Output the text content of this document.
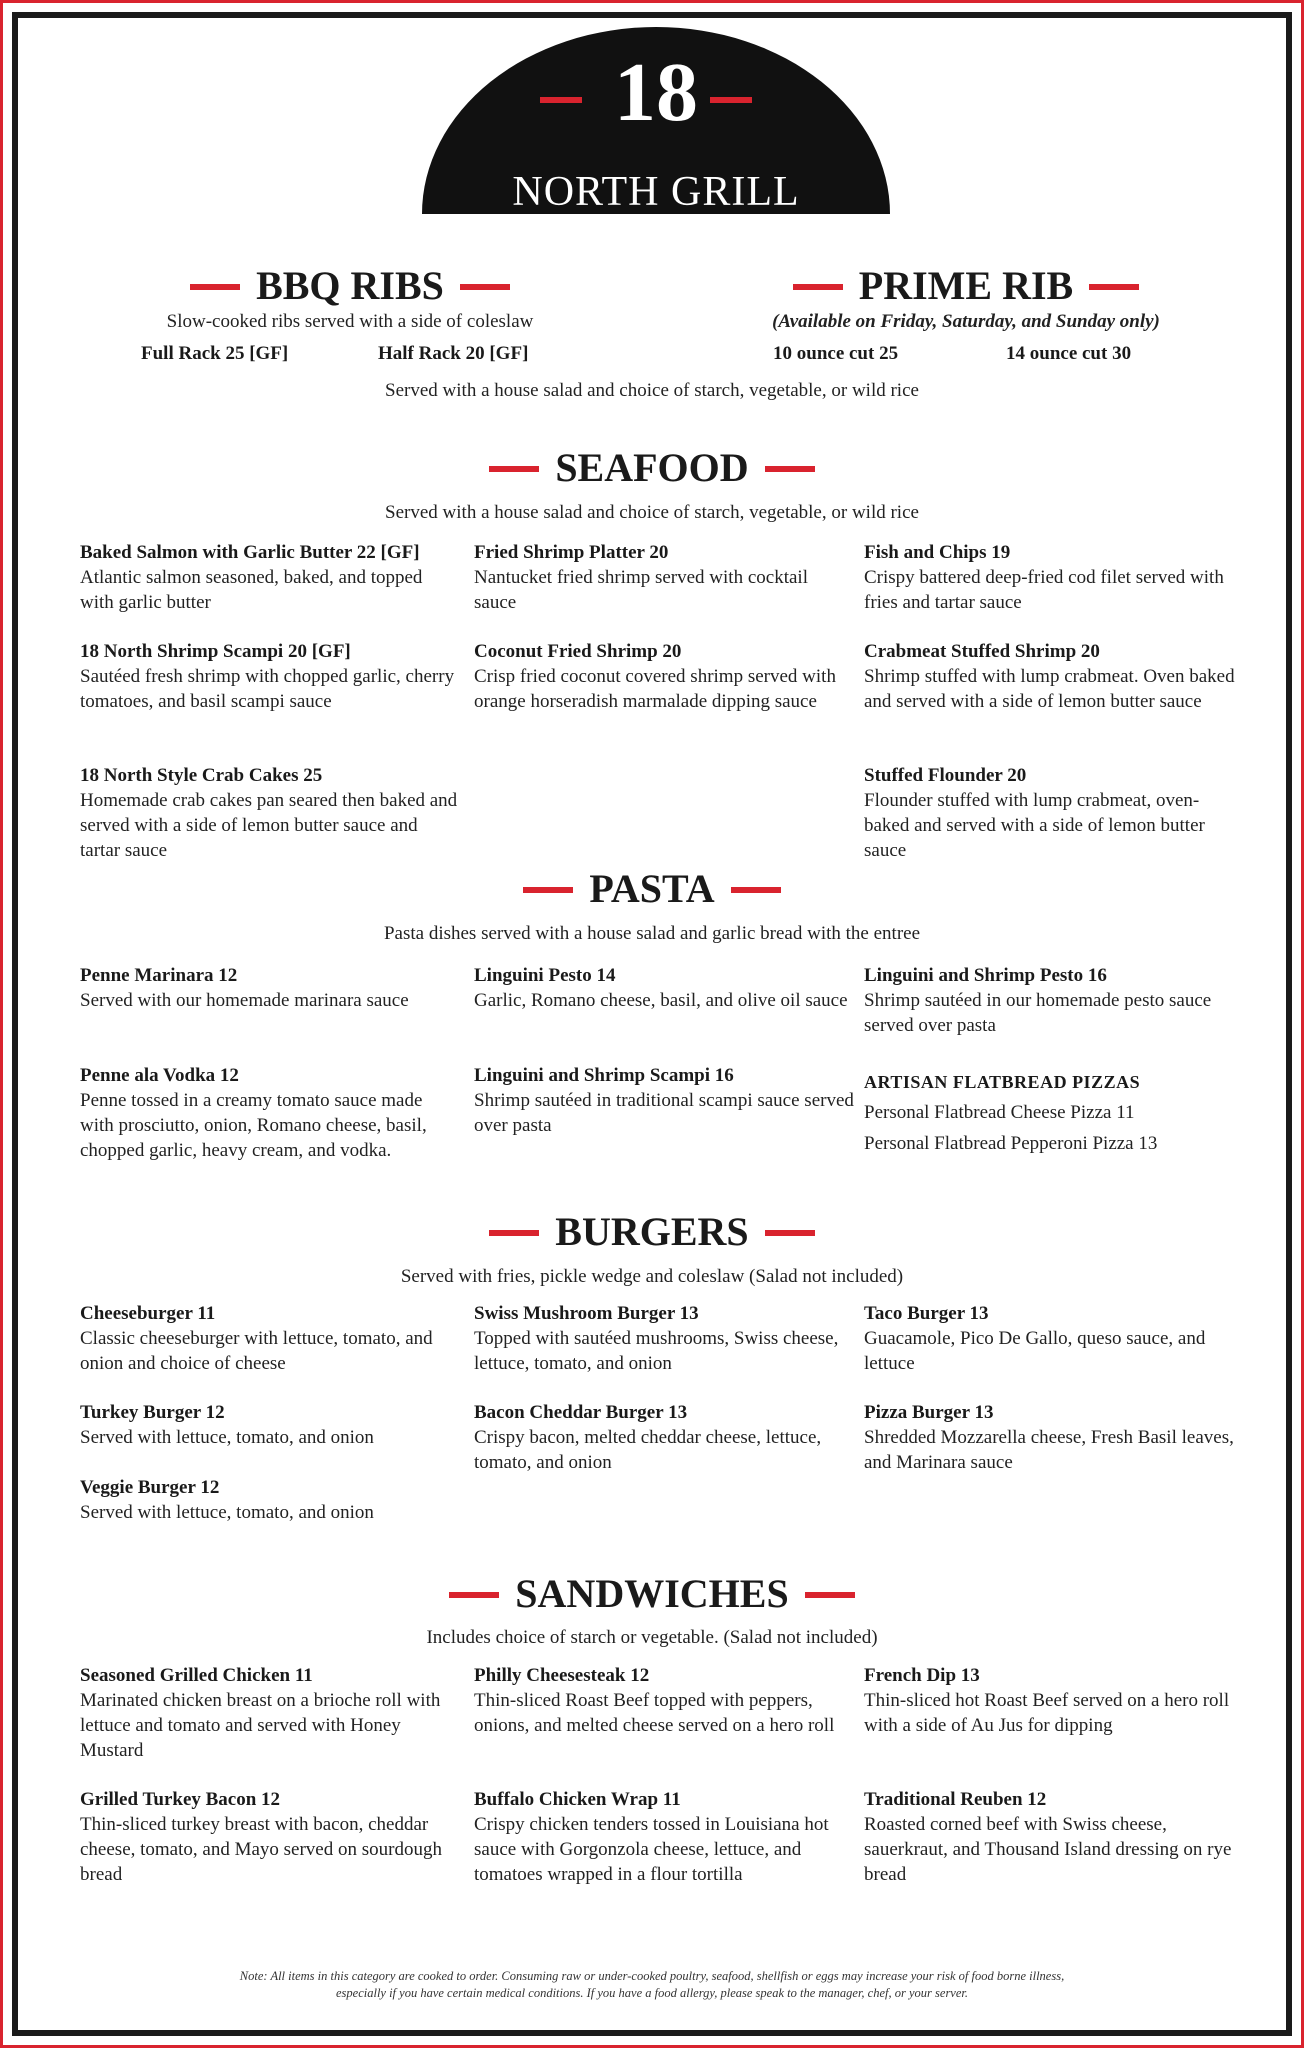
18
NORTH GRILL
BBQ RIBS
Slow-cooked ribs served with a side of coleslaw
Full Rack 25 [GF]	Half Rack 20 [GF]
PRIME RIB
(Available on Friday, Saturday, and Sunday only)
10 ounce cut 25	14 ounce cut 30
Served with a house salad and choice of starch, vegetable, or wild rice
SEAFOOD
Served with a house salad and choice of starch, vegetable, or wild rice
Baked Salmon with Garlic Butter 22 [GF]
Atlantic salmon seasoned, baked, and topped with garlic butter
Fried Shrimp Platter 20
Nantucket fried shrimp served with cocktail sauce
Fish and Chips 19
Crispy battered deep-fried cod filet served with fries and tartar sauce
18 North Shrimp Scampi 20 [GF]
Sautéed fresh shrimp with chopped garlic, cherry tomatoes, and basil scampi sauce
Coconut Fried Shrimp 20
Crisp fried coconut covered shrimp served with orange horseradish marmalade dipping sauce
Crabmeat Stuffed Shrimp 20
Shrimp stuffed with lump crabmeat. Oven baked and served with a side of lemon butter sauce
18 North Style Crab Cakes 25
Homemade crab cakes pan seared then baked and served with a side of lemon butter sauce and tartar sauce
Stuffed Flounder 20
Flounder stuffed with lump crabmeat, oven-baked and served with a side of lemon butter sauce
PASTA
Pasta dishes served with a house salad and garlic bread with the entree
Penne Marinara 12
Served with our homemade marinara sauce
Linguini Pesto 14
Garlic, Romano cheese, basil, and olive oil sauce
Linguini and Shrimp Pesto 16
Shrimp sautéed in our homemade pesto sauce served over pasta
Penne ala Vodka 12
Penne tossed in a creamy tomato sauce made with prosciutto, onion, Romano cheese, basil, chopped garlic, heavy cream, and vodka.
Linguini and Shrimp Scampi 16
Shrimp sautéed in traditional scampi sauce served over pasta
ARTISAN FLATBREAD PIZZAS
Personal Flatbread Cheese Pizza 11
Personal Flatbread Pepperoni Pizza 13
BURGERS
Served with fries, pickle wedge and coleslaw (Salad not included)
Cheeseburger 11
Classic cheeseburger with lettuce, tomato, and onion and choice of cheese
Swiss Mushroom Burger 13
Topped with sautéed mushrooms, Swiss cheese, lettuce, tomato, and onion
Taco Burger 13
Guacamole, Pico De Gallo, queso sauce, and lettuce
Turkey Burger 12
Served with lettuce, tomato, and onion
Bacon Cheddar Burger 13
Crispy bacon, melted cheddar cheese, lettuce, tomato, and onion
Pizza Burger 13
Shredded Mozzarella cheese, Fresh Basil leaves, and Marinara sauce
Veggie Burger 12
Served with lettuce, tomato, and onion
SANDWICHES
Includes choice of starch or vegetable. (Salad not included)
Seasoned Grilled Chicken 11
Marinated chicken breast on a brioche roll with lettuce and tomato and served with Honey Mustard
Philly Cheesesteak 12
Thin-sliced Roast Beef topped with peppers, onions, and melted cheese served on a hero roll
French Dip 13
Thin-sliced hot Roast Beef served on a hero roll with a side of Au Jus for dipping
Grilled Turkey Bacon 12
Thin-sliced turkey breast with bacon, cheddar cheese, tomato, and Mayo served on sourdough bread
Buffalo Chicken Wrap 11
Crispy chicken tenders tossed in Louisiana hot sauce with Gorgonzola cheese, lettuce, and tomatoes wrapped in a flour tortilla
Traditional Reuben 12
Roasted corned beef with Swiss cheese, sauerkraut, and Thousand Island dressing on rye bread
Note: All items in this category are cooked to order. Consuming raw or under-cooked poultry, seafood, shellfish or eggs may increase your risk of food borne illness,
especially if you have certain medical conditions. If you have a food allergy, please speak to the manager, chef, or your server.
